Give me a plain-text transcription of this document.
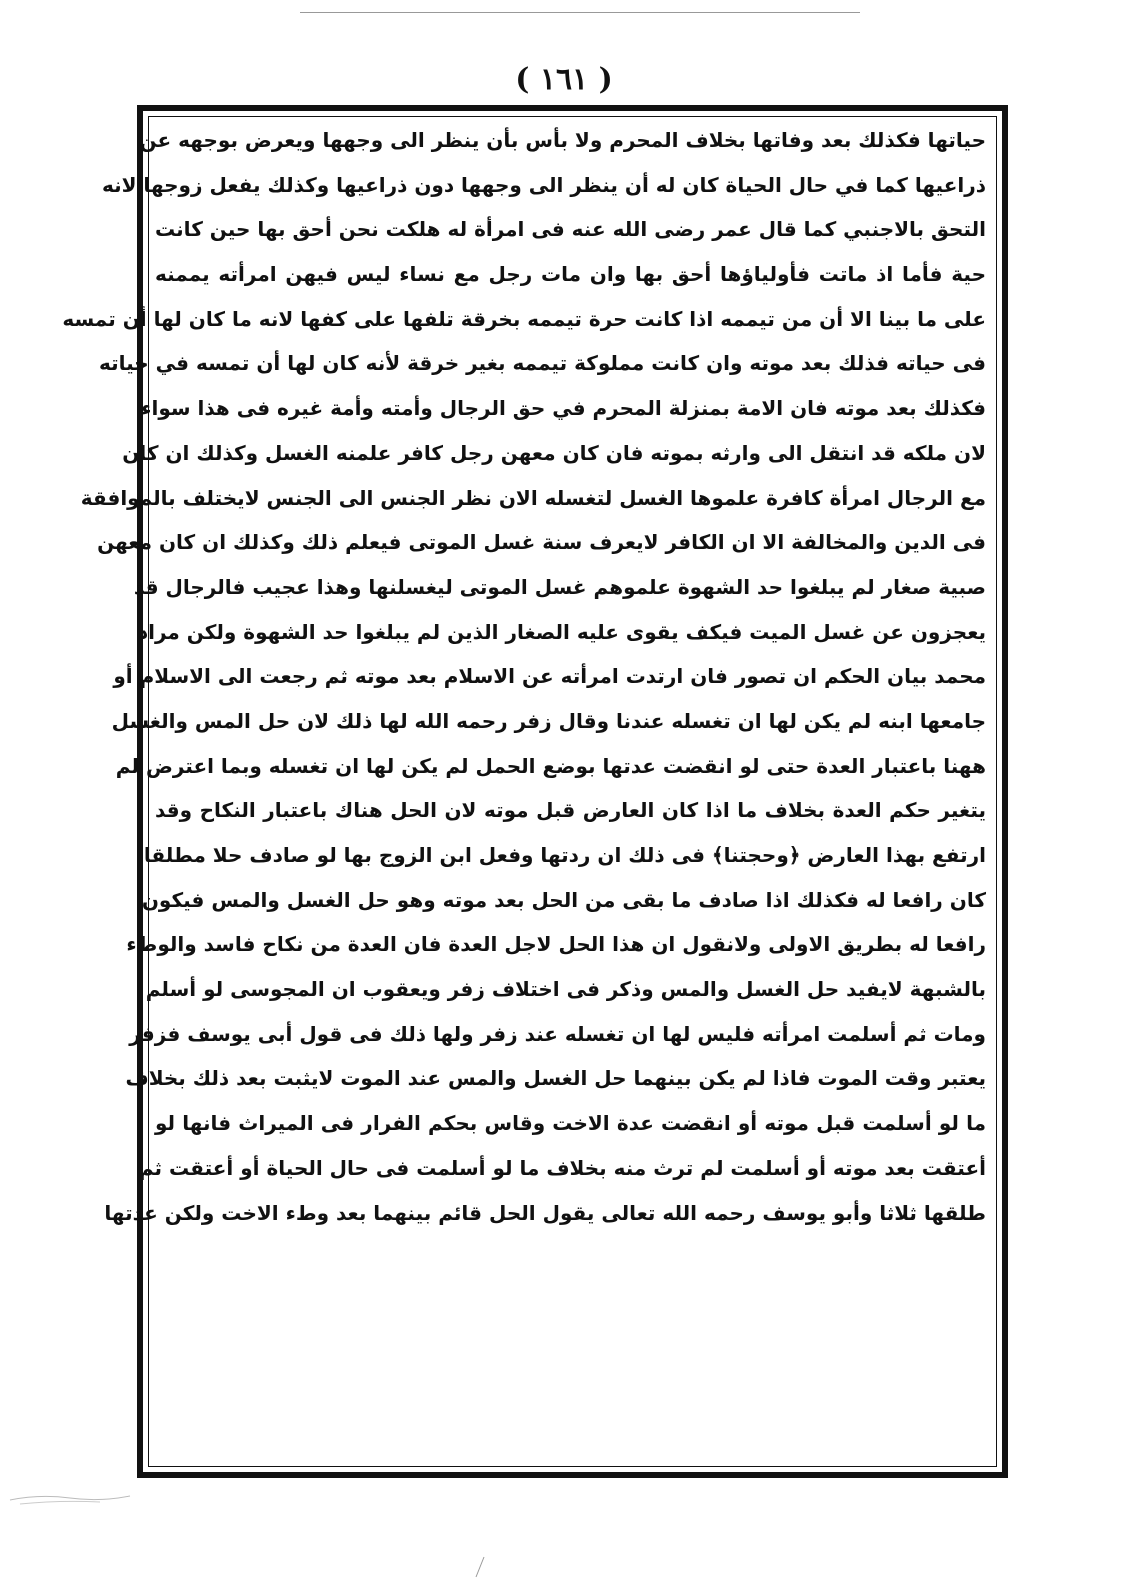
( ١٦١ )
حياتها فكذلك بعد وفاتها بخلاف المحرم ولا بأس بأن ينظر الى وجهها ويعرض بوجهه عن
ذراعيها كما في حال الحياة كان له أن ينظر الى وجهها دون ذراعيها وكذلك يفعل زوجها لانه
التحق بالاجنبي كما قال عمر رضى الله عنه فى امرأة له هلكت نحن أحق بها حين كانت
حية فأما اذ ماتت فأولياؤها أحق بها وان مات رجل مع نساء ليس فيهن امرأته يممنه
على ما بينا الا أن من تيممه اذا كانت حرة تيممه بخرقة تلفها على كفها لانه ما كان لها أن تمسه
فى حياته فذلك بعد موته وان كانت مملوكة تيممه بغير خرقة لأنه كان لها أن تمسه في حياته
فكذلك بعد موته فان الامة بمنزلة المحرم في حق الرجال وأمته وأمة غيره فى هذا سواء
لان ملكه قد انتقل الى وارثه بموته فان كان معهن رجل كافر علمنه الغسل وكذلك ان كان
مع الرجال امرأة كافرة علموها الغسل لتغسله الان نظر الجنس الى الجنس لايختلف بالموافقة
فى الدين والمخالفة الا ان الكافر لايعرف سنة غسل الموتى فيعلم ذلك وكذلك ان كان معهن
صبية صغار لم يبلغوا حد الشهوة علموهم غسل الموتى ليغسلنها وهذا عجيب فالرجال قد
يعجزون عن غسل الميت فيكف يقوى عليه الصغار الذين لم يبلغوا حد الشهوة ولكن مراد
محمد بيان الحكم ان تصور فان ارتدت امرأته عن الاسلام بعد موته ثم رجعت الى الاسلام أو
جامعها ابنه لم يكن لها ان تغسله عندنا وقال زفر رحمه الله لها ذلك لان حل المس والغسل
ههنا باعتبار العدة حتى لو انقضت عدتها بوضع الحمل لم يكن لها ان تغسله وبما اعترض لم
يتغير حكم العدة بخلاف ما اذا كان العارض قبل موته لان الحل هناك باعتبار النكاح وقد
ارتفع بهذا العارض ﴿وحجتنا﴾ فى ذلك ان ردتها وفعل ابن الزوج بها لو صادف حلا مطلقا
كان رافعا له فكذلك اذا صادف ما بقى من الحل بعد موته وهو حل الغسل والمس فيكون
رافعا له بطريق الاولى ولانقول ان هذا الحل لاجل العدة فان العدة من نكاح فاسد والوطء
بالشبهة لايفيد حل الغسل والمس وذكر فى اختلاف زفر ويعقوب ان المجوسى لو أسلم
ومات ثم أسلمت امرأته فليس لها ان تغسله عند زفر ولها ذلك فى قول أبى يوسف فزفر
يعتبر وقت الموت فاذا لم يكن بينهما حل الغسل والمس عند الموت لايثبت بعد ذلك بخلاف
ما لو أسلمت قبل موته أو انقضت عدة الاخت وقاس بحكم الفرار فى الميراث فانها لو
أعتقت بعد موته أو أسلمت لم ترث منه بخلاف ما لو أسلمت فى حال الحياة أو أعتقت ثم
طلقها ثلاثا وأبو يوسف رحمه الله تعالى يقول الحل قائم بينهما بعد وطء الاخت ولكن عدتها
